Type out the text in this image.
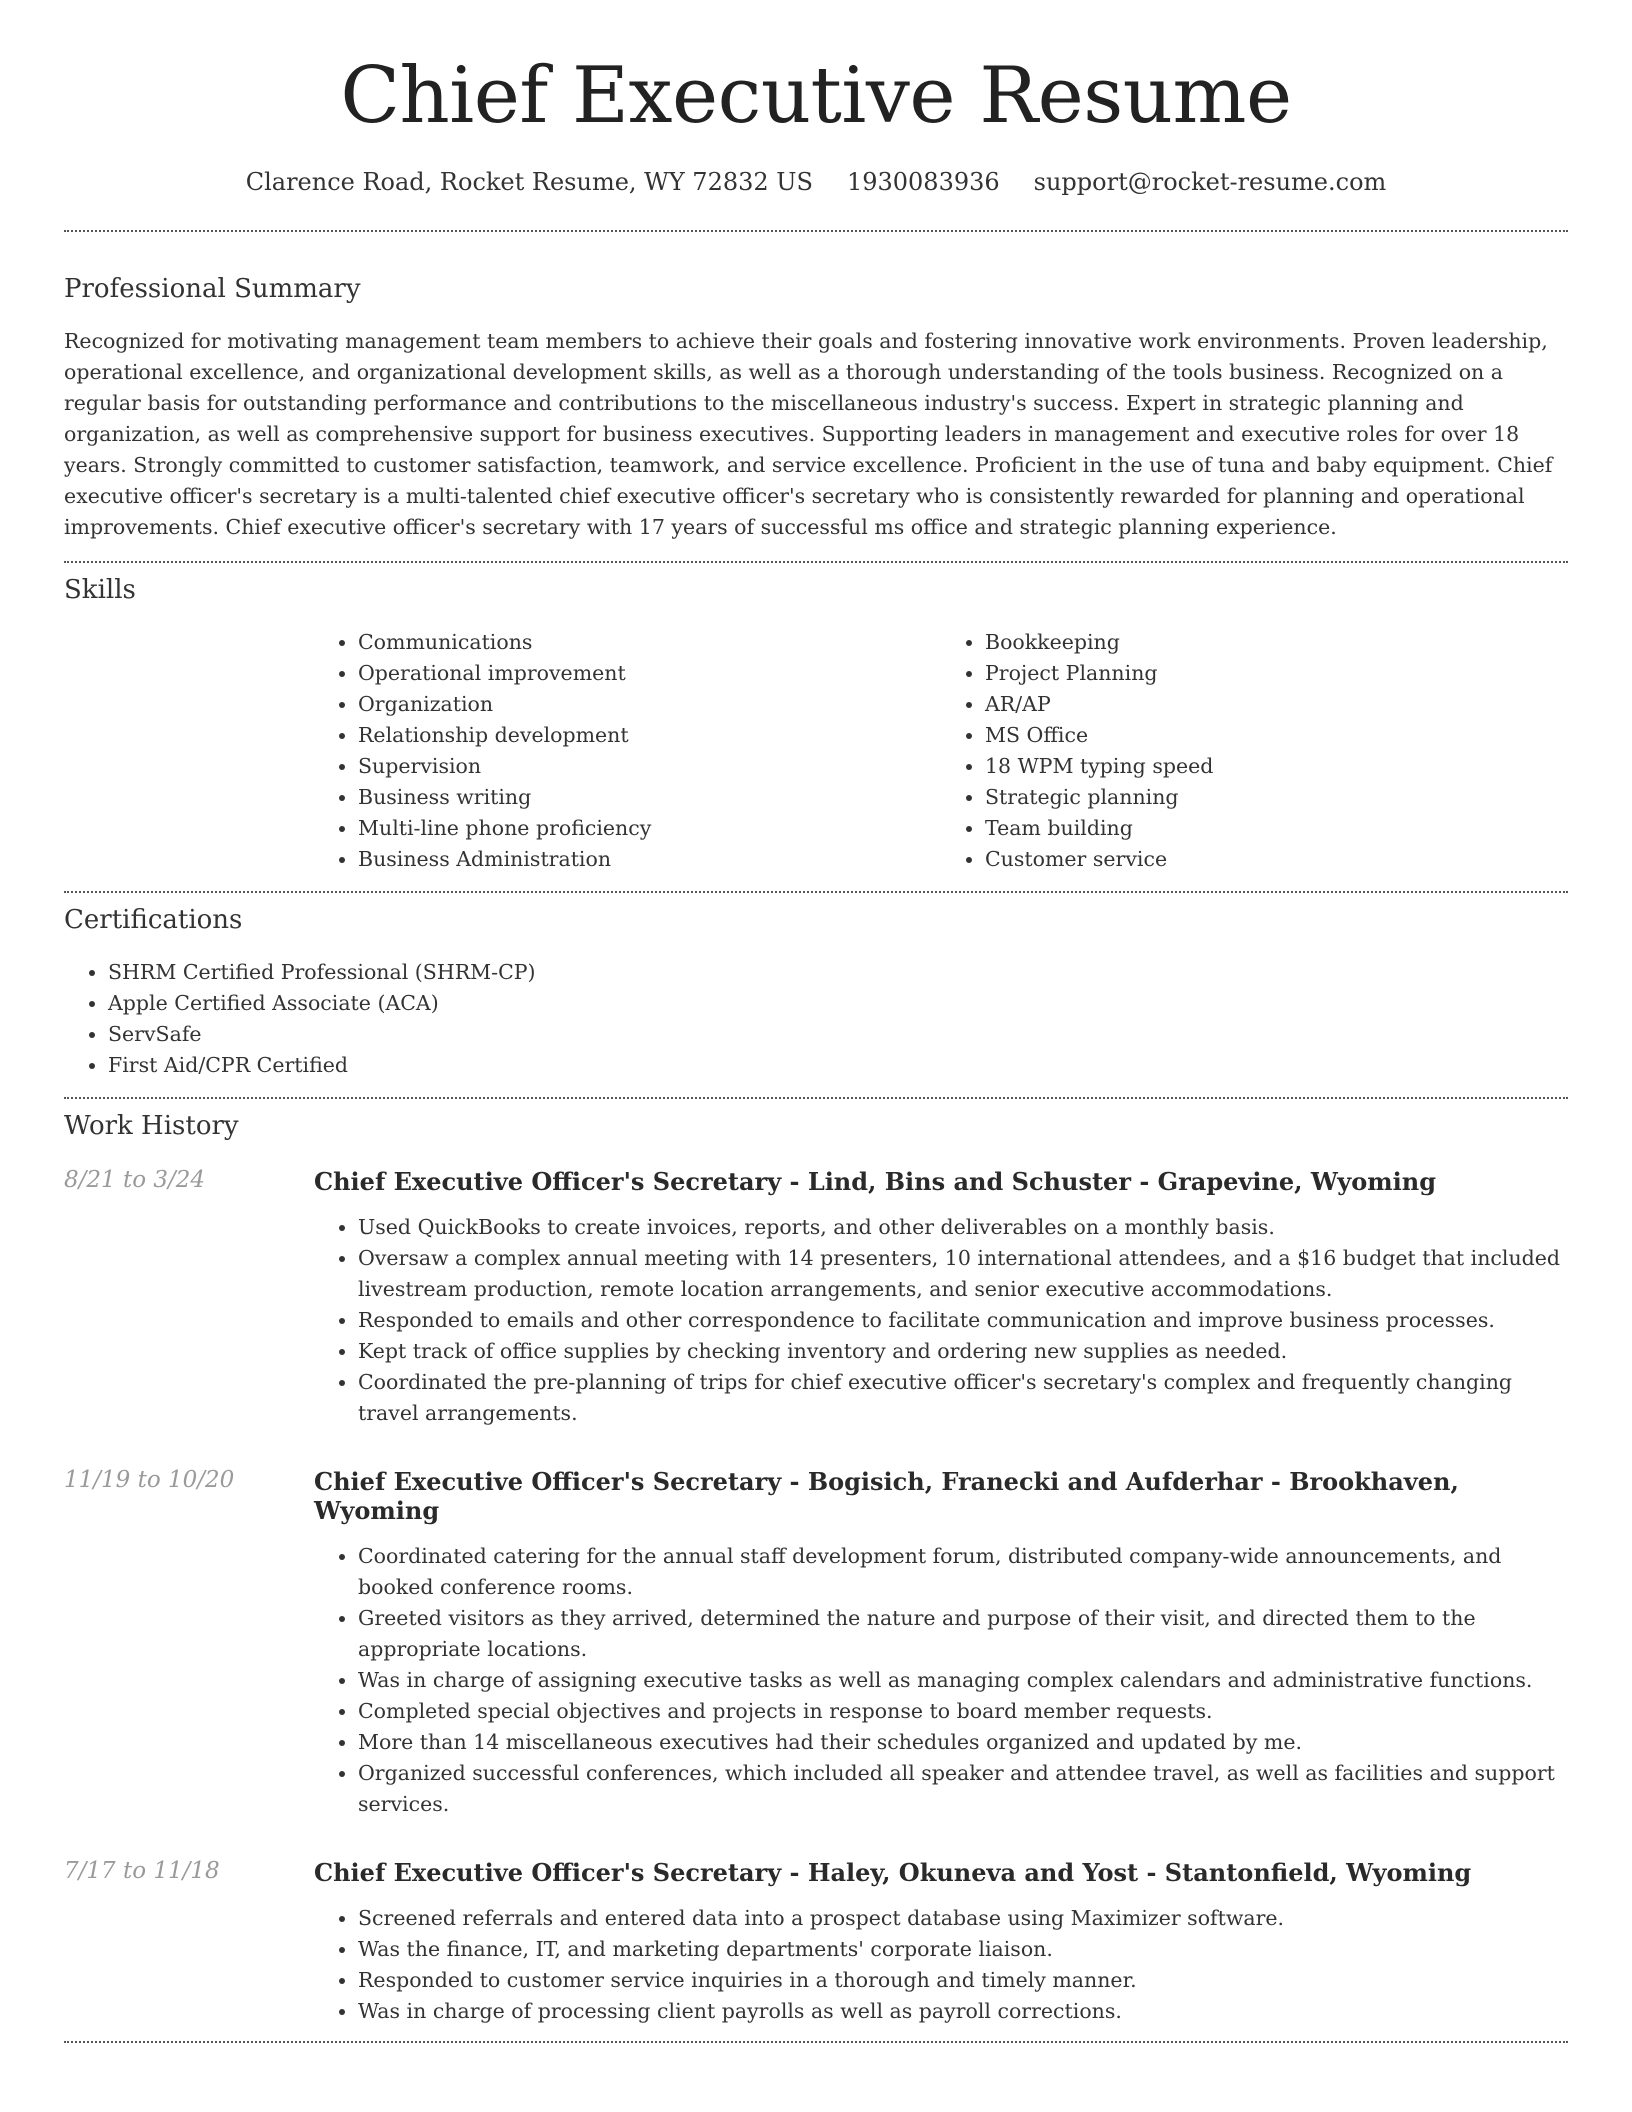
Chief Executive Resume
Clarence Road, Rocket Resume, WY 72832 US 1930083936 support@rocket-resume.com
Professional Summary

Recognized for motivating management team members to achieve their goals and fostering innovative work environments. Proven leadership, operational excellence, and organizational development skills, as well as a thorough understanding of the tools business. Recognized on a regular basis for outstanding performance and contributions to the miscellaneous industry's success. Expert in strategic planning and organization, as well as comprehensive support for business executives. Supporting leaders in management and executive roles for over 18 years. Strongly committed to customer satisfaction, teamwork, and service excellence. Proficient in the use of tuna and baby equipment. Chief executive officer's secretary is a multi-talented chief executive officer's secretary who is consistently rewarded for planning and operational improvements. Chief executive officer's secretary with 17 years of successful ms office and strategic planning experience.

Skills
• Communications
• Operational improvement
• Organization
• Relationship development
• Supervision
• Business writing
• Multi-line phone proficiency
• Business Administration
• Bookkeeping
• Project Planning
• AR/AP
• MS Office
• 18 WPM typing speed
• Strategic planning
• Team building
• Customer service
Certifications
• SHRM Certified Professional (SHRM-CP)
• Apple Certified Associate (ACA)
• ServSafe
• First Aid/CPR Certified
Work History
8/21 to 3/24	Chief Executive Officer's Secretary - Lind, Bins and Schuster - Grapevine, Wyoming
• Used QuickBooks to create invoices, reports, and other deliverables on a monthly basis.
• Oversaw a complex annual meeting with 14 presenters, 10 international attendees, and a $16 budget that included livestream production, remote location arrangements, and senior executive accommodations.
• Responded to emails and other correspondence to facilitate communication and improve business processes.
• Kept track of office supplies by checking inventory and ordering new supplies as needed.
• Coordinated the pre-planning of trips for chief executive officer's secretary's complex and frequently changing travel arrangements.
11/19 to 10/20	Chief Executive Officer's Secretary - Bogisich, Franecki and Aufderhar - Brookhaven, Wyoming
• Coordinated catering for the annual staff development forum, distributed company-wide announcements, and booked conference rooms.
• Greeted visitors as they arrived, determined the nature and purpose of their visit, and directed them to the appropriate locations.
• Was in charge of assigning executive tasks as well as managing complex calendars and administrative functions.
• Completed special objectives and projects in response to board member requests.
• More than 14 miscellaneous executives had their schedules organized and updated by me.
• Organized successful conferences, which included all speaker and attendee travel, as well as facilities and support services.
7/17 to 11/18	Chief Executive Officer's Secretary - Haley, Okuneva and Yost - Stantonfield, Wyoming
• Screened referrals and entered data into a prospect database using Maximizer software.
• Was the finance, IT, and marketing departments' corporate liaison.
• Responded to customer service inquiries in a thorough and timely manner.
• Was in charge of processing client payrolls as well as payroll corrections.
